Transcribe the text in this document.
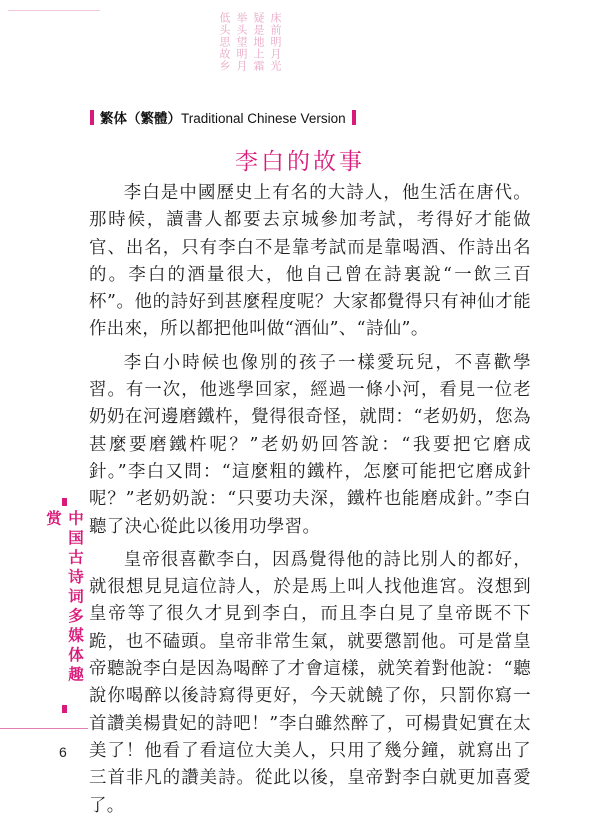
床前明月光
疑是地上霜
举头望明月
低头思故乡
繁体（繁體）Traditional Chinese Version
李白的故事

李白是中國歷史上有名的大詩人，他生活在唐代。那時候，讀書人都要去京城參加考試，考得好才能做官、出名，只有李白不是靠考試而是靠喝酒、作詩出名的。李白的酒量很大，他自己曾在詩裏說“一飲三百杯”。他的詩好到甚麼程度呢？大家都覺得只有神仙才能作出來，所以都把他叫做“酒仙”、“詩仙”。

李白小時候也像別的孩子一樣愛玩兒，不喜歡學習。有一次，他逃學回家，經過一條小河，看見一位老奶奶在河邊磨鐵杵，覺得很奇怪，就問：“老奶奶，您為甚麼要磨鐵杵呢？”老奶奶回答說：“我要把它磨成針。”李白又問：“這麼粗的鐵杵，怎麼可能把它磨成針呢？”老奶奶說：“只要功夫深，鐵杵也能磨成針。”李白聽了決心從此以後用功學習。

皇帝很喜歡李白，因爲覺得他的詩比別人的都好，就很想見見這位詩人，於是馬上叫人找他進宮。沒想到皇帝等了很久才見到李白，而且李白見了皇帝既不下跪，也不磕頭。皇帝非常生氣，就要懲罰他。可是當皇帝聽說李白是因為喝醉了才會這樣，就笑着對他說：“聽說你喝醉以後詩寫得更好，今天就饒了你，只罰你寫一首讚美楊貴妃的詩吧！”李白雖然醉了，可楊貴妃實在太美了！他看了看這位大美人，只用了幾分鐘，就寫出了三首非凡的讚美詩。從此以後，皇帝對李白就更加喜愛了。

中国古诗词多媒体趣赏
6
